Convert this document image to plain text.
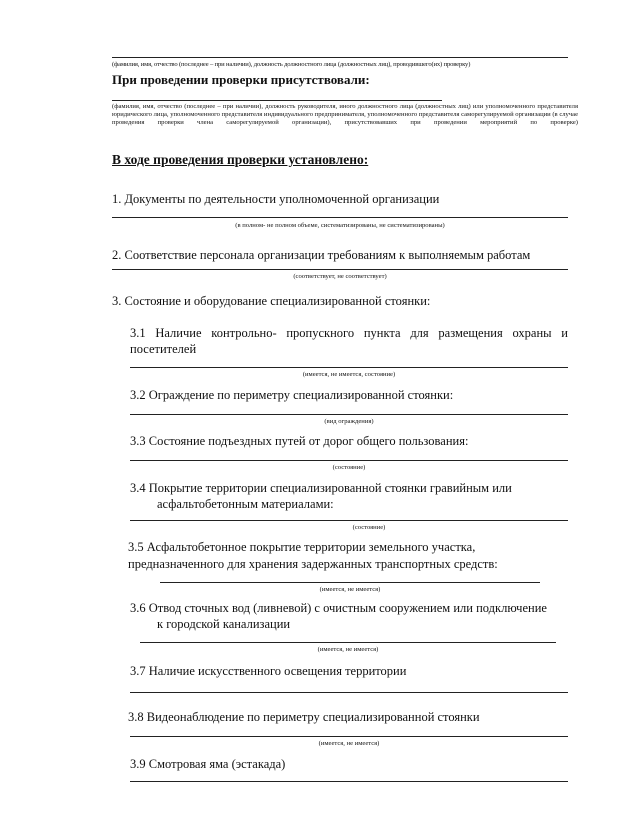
(фамилия, имя, отчество (последнее – при наличии), должность должностного лица (должностных лиц), проводившего(их) проверку)
При проведении проверки присутствовали:
(фамилия, имя, отчество (последнее – при наличии), должность руководителя, иного должностного лица (должностных лиц) или уполномоченного представителя юридического лица, уполномоченного представителя индивидуального предпринимателя, уполномоченного представителя саморегулируемой организации (в случае проведения проверки члена саморегулируемой организации), присутствовавших при проведении мероприятий по проверке)
В ходе проведения проверки установлено:
1. Документы по деятельности уполномоченной организации
(в полном- не полном объеме, систематизированы, не систематизированы)
2. Соответствие персонала организации требованиям к выполняемым работам
(соответствует, не соответствует)
3. Состояние и оборудование специализированной стоянки:
3.1 Наличие контрольно- пропускного пункта для размещения охраны и посетителей
(имеется, не имеется, состояние)
3.2 Ограждение по периметру специализированной стоянки:
(вид ограждения)
3.3 Состояние подъездных путей от дорог общего пользования:
(состояние)
3.4 Покрытие территории специализированной стоянки гравийным или
асфальтобетонным материалами:
(состояние)
3.5 Асфальтобетонное покрытие территории земельного участка,
предназначенного для хранения задержанных транспортных средств:
(имеется, не имеется)
3.6 Отвод сточных вод (ливневой) с очистным сооружением или подключение
к городской канализации
(имеется, не имеется)
3.7 Наличие искусственного освещения территории
3.8 Видеонаблюдение по периметру специализированной стоянки
(имеется, не имеется)
3.9 Смотровая яма (эстакада)
